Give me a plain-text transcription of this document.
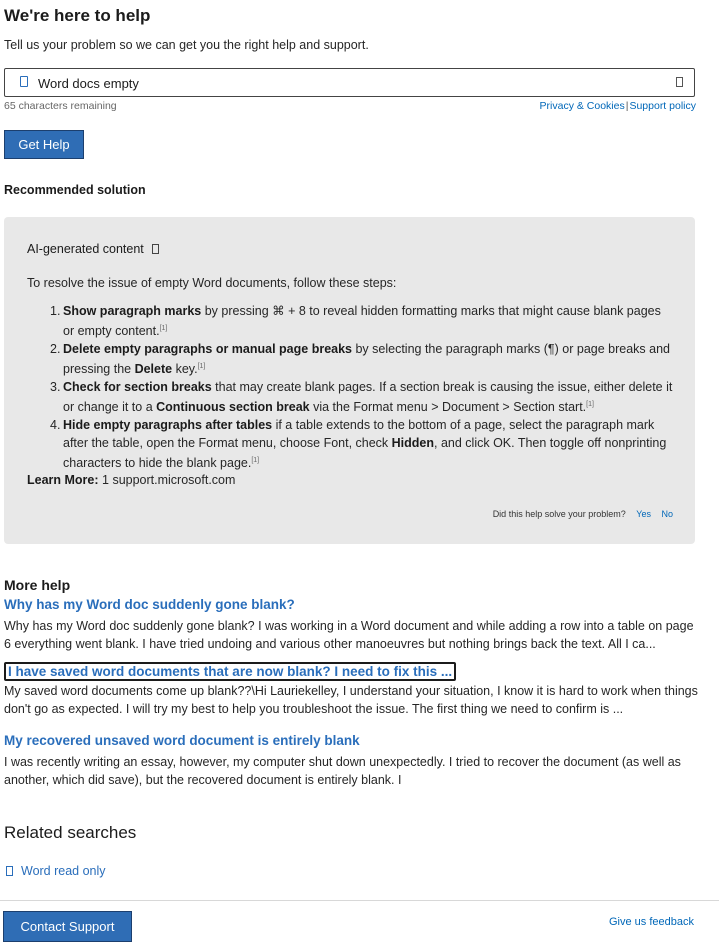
We're here to help
Tell us your problem so we can get you the right help and support.
Word docs empty
65 characters remaining	Privacy & Cookies|Support policy
Get Help
Recommended solution
AI-generated content
To resolve the issue of empty Word documents, follow these steps:
1. Show paragraph marks by pressing ⌘ + 8 to reveal hidden formatting marks that might cause blank pages or empty content.[1]
2. Delete empty paragraphs or manual page breaks by selecting the paragraph marks (¶) or page breaks and pressing the Delete key.[1]
3. Check for section breaks that may create blank pages. If a section break is causing the issue, either delete it or change it to a Continuous section break via the Format menu > Document > Section start.[1]
4. Hide empty paragraphs after tables if a table extends to the bottom of a page, select the paragraph mark after the table, open the Format menu, choose Font, check Hidden, and click OK. Then toggle off nonprinting characters to hide the blank page.[1]
Learn More: 1 support.microsoft.com
Did this help solve your problem? Yes No
More help
Why has my Word doc suddenly gone blank?
Why has my Word doc suddenly gone blank? I was working in a Word document and while adding a row into a table on page 6 everything went blank. I have tried undoing and various other manoeuvres but nothing brings back the text. All I ca...
I have saved word documents that are now blank? I need to fix this ...
My saved word documents come up blank??\Hi Lauriekelley, I understand your situation, I know it is hard to work when things don't go as expected. I will try my best to help you troubleshoot the issue. The first thing we need to confirm is ...
My recovered unsaved word document is entirely blank
I was recently writing an essay, however, my computer shut down unexpectedly. I tried to recover the document (as well as another, which did save), but the recovered document is entirely blank. I
Related searches
Word read only
Contact Support	Give us feedback
